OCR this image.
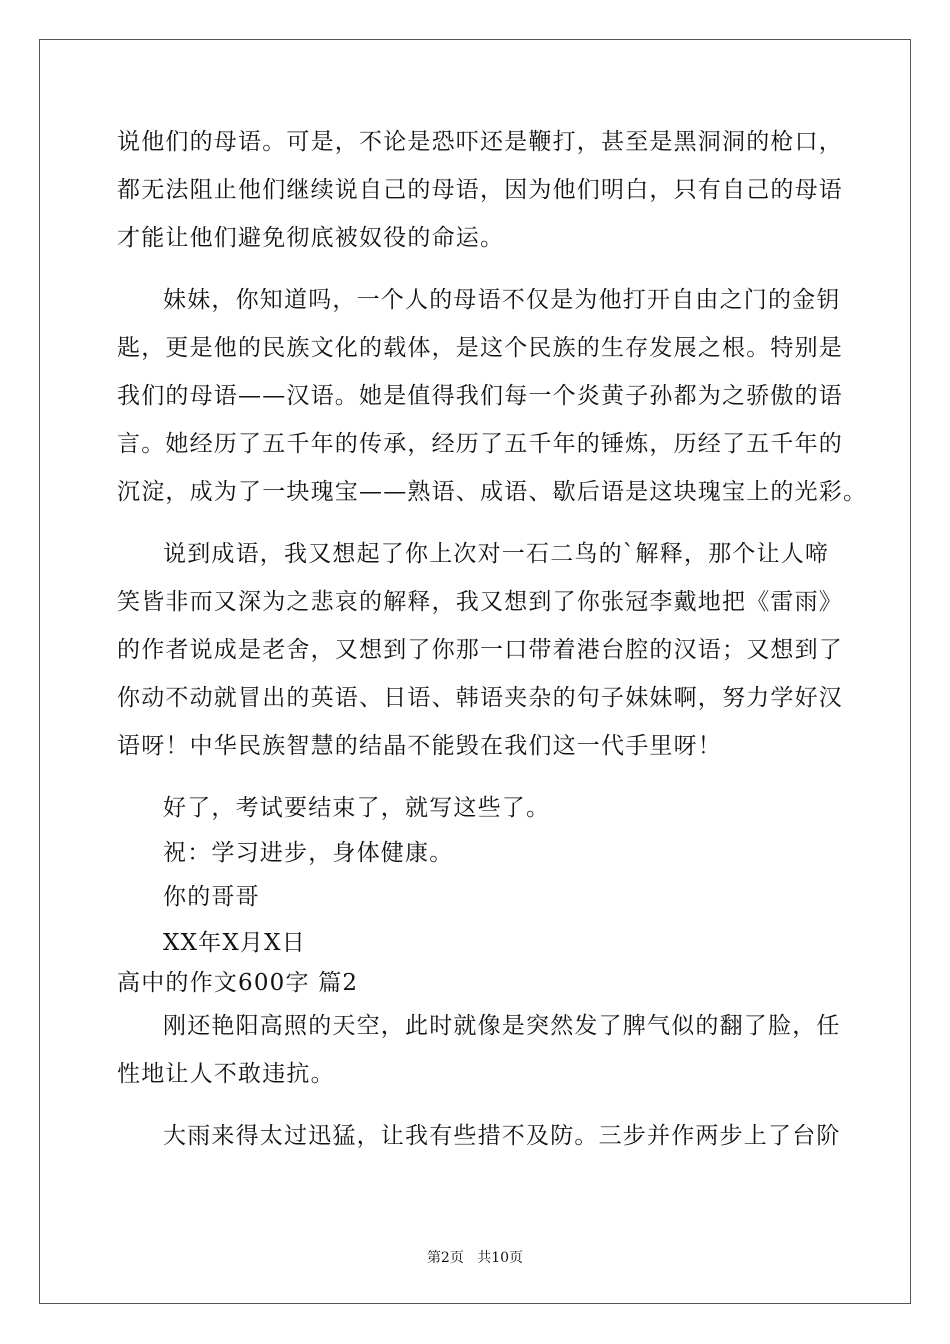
说他们的母语。可是，不论是恐吓还是鞭打，甚至是黑洞洞的枪口，
都无法阻止他们继续说自己的母语，因为他们明白，只有自己的母语
才能让他们避免彻底被奴役的命运。
妹妹，你知道吗，一个人的母语不仅是为他打开自由之门的金钥
匙，更是他的民族文化的载体，是这个民族的生存发展之根。特别是
我们的母语——汉语。她是值得我们每一个炎黄子孙都为之骄傲的语
言。她经历了五千年的传承，经历了五千年的锤炼，历经了五千年的
沉淀，成为了一块瑰宝——熟语、成语、歇后语是这块瑰宝上的光彩。
说到成语，我又想起了你上次对一石二鸟的`解释，那个让人啼
笑皆非而又深为之悲哀的解释，我又想到了你张冠李戴地把《雷雨》
的作者说成是老舍，又想到了你那一口带着港台腔的汉语；又想到了
你动不动就冒出的英语、日语、韩语夹杂的句子妹妹啊，努力学好汉
语呀！中华民族智慧的结晶不能毁在我们这一代手里呀！
好了，考试要结束了，就写这些了。
祝：学习进步，身体健康。
你的哥哥
XX年X月X日
高中的作文600字 篇2
刚还艳阳高照的天空，此时就像是突然发了脾气似的翻了脸，任
性地让人不敢违抗。
大雨来得太过迅猛，让我有些措不及防。三步并作两步上了台阶
第2页 共10页
